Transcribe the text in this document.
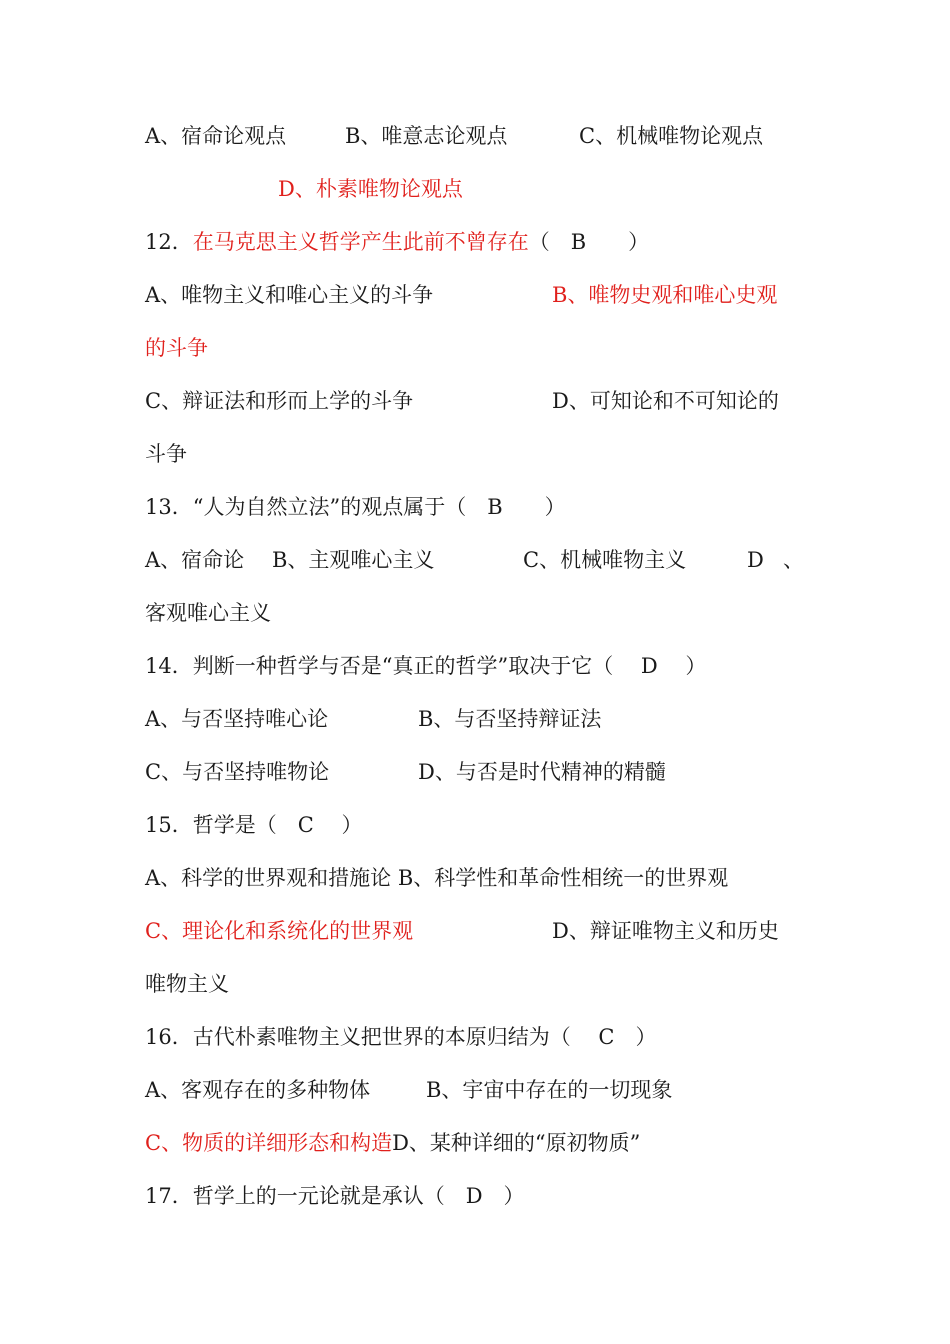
A、宿命论观点	B、唯意志论观点	C、机械唯物论观点
D、朴素唯物论观点
12．在马克思主义哲学产生此前不曾存在（　B　　）
A、唯物主义和唯心主义的斗争	B、唯物史观和唯心史观
的斗争
C、辩证法和形而上学的斗争	D、可知论和不可知论的
斗争
13．“人为自然立法”的观点属于（　B　　）
A、宿命论 B、主观唯心主义	C、机械唯物主义	D 、
客观唯心主义
14．判断一种哲学与否是“真正的哲学”取决于它（　 D　 ）
A、与否坚持唯心论	B、与否坚持辩证法
C、与否坚持唯物论	D、与否是时代精神的精髓
15．哲学是（　C　 ）
A、科学的世界观和措施论 B、科学性和革命性相统一的世界观
C、理论化和系统化的世界观	D、辩证唯物主义和历史
唯物主义
16．古代朴素唯物主义把世界的本原归结为（　 C　）
A、客观存在的多种物体	B、宇宙中存在的一切现象
C、物质的详细形态和构造D、某种详细的“原初物质”
17．哲学上的一元论就是承认（　D　）
